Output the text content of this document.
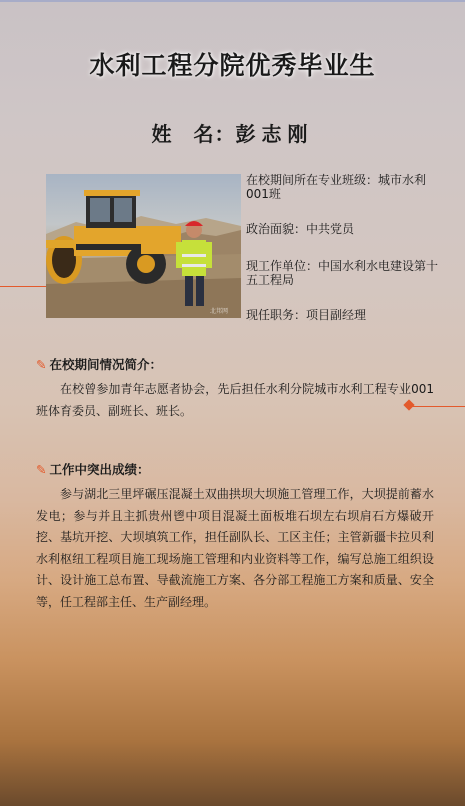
水利工程分院优秀毕业生
姓　名：彭志刚
北邦网
在校期间所在专业班级：城市水利001班
政治面貌：中共党员
现工作单位：中国水利水电建设第十五工程局
现任职务：项目副经理
✎ 在校期间情况简介：
在校曾参加青年志愿者协会，先后担任水利分院城市水利工程专业001班体育委员、副班长、班长。
✎ 工作中突出成绩：
参与湖北三里坪碾压混凝土双曲拱坝大坝施工管理工作，大坝提前蓄水发电；参与并且主抓贵州鬯中项目混凝土面板堆石坝左右坝肩石方爆破开挖、基坑开挖、大坝填筑工作，担任副队长、工区主任；主管新疆卡拉贝利水利枢纽工程项目施工现场施工管理和内业资料等工作，编写总施工组织设计、设计施工总布置、导截流施工方案、各分部工程施工方案和质量、安全等，任工程部主任、生产副经理。
